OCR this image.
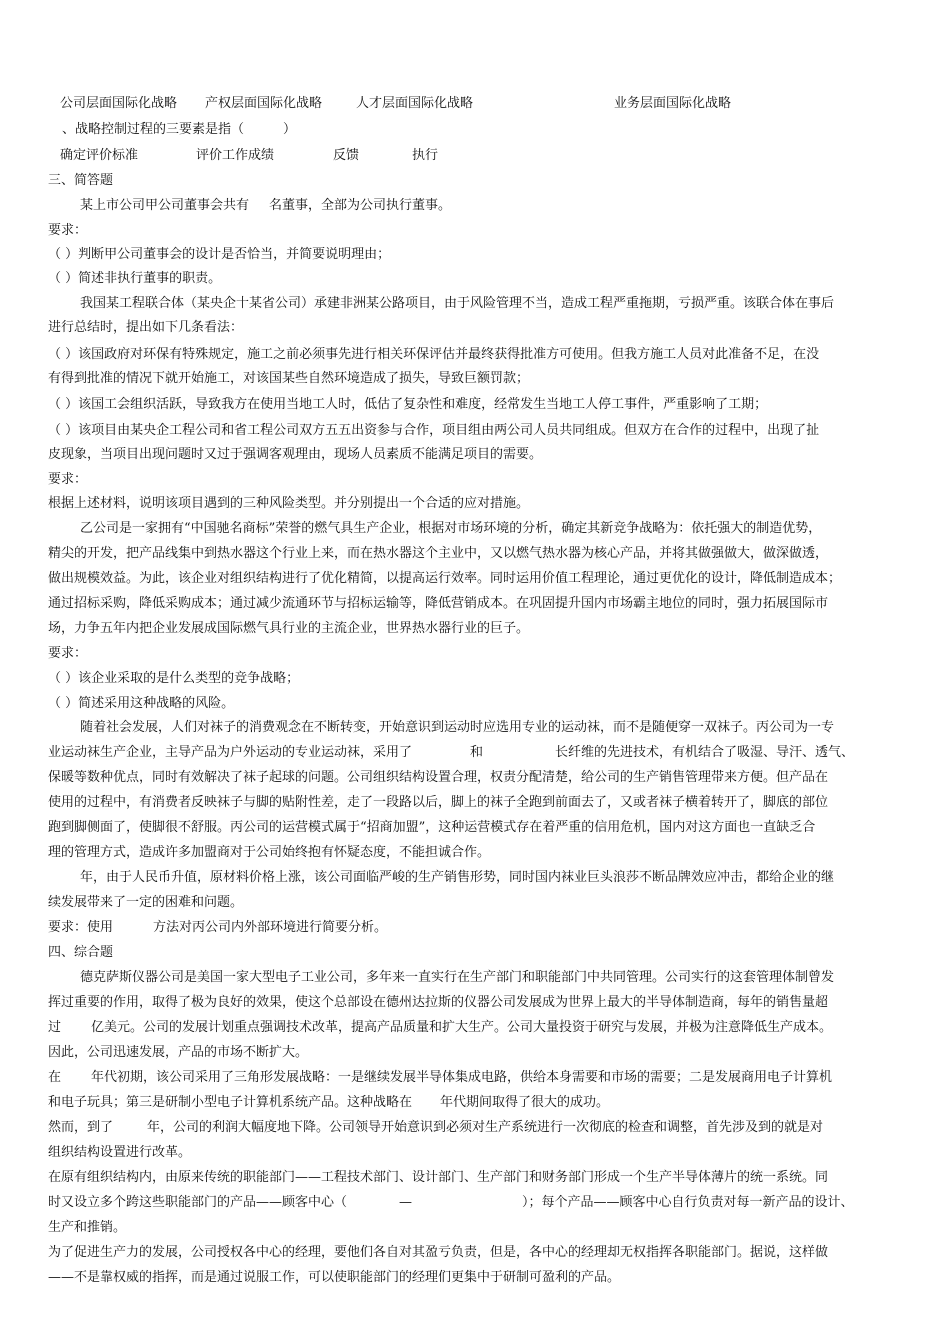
公司层面国际化战略 产权层面国际化战略	人才层面国际化战略	业务层面国际化战略
、战略控制过程的三要素是指（　　　）
确定评价标准	评价工作成绩	反馈	执行
三、简答题
某上市公司甲公司董事会共有 名董事，全部为公司执行董事。
要求：
（ ）判断甲公司董事会的设计是否恰当，并简要说明理由；
（ ）简述非执行董事的职责。
我国某工程联合体（某央企十某省公司）承建非洲某公路项目，由于风险管理不当，造成工程严重拖期，亏损严重。该联合体在事后
进行总结时，提出如下几条看法：
（ ）该国政府对环保有特殊规定，施工之前必须事先进行相关环保评估并最终获得批准方可使用。但我方施工人员对此准备不足，在没
有得到批准的情况下就开始施工，对该国某些自然环境造成了损失，导致巨额罚款；
（ ）该国工会组织活跃，导致我方在使用当地工人时，低估了复杂性和难度，经常发生当地工人停工事件，严重影响了工期；
（ ）该项目由某央企工程公司和省工程公司双方五五出资参与合作，项目组由两公司人员共同组成。但双方在合作的过程中，出现了扯
皮现象，当项目出现问题时又过于强调客观理由，现场人员素质不能满足项目的需要。
要求：
根据上述材料，说明该项目遇到的三种风险类型。并分别提出一个合适的应对措施。
乙公司是一家拥有“中国驰名商标”荣誉的燃气具生产企业，根据对市场环境的分析，确定其新竞争战略为：依托强大的制造优势，
精尖的开发，把产品线集中到热水器这个行业上来，而在热水器这个主业中，又以燃气热水器为核心产品，并将其做强做大，做深做透，
做出规模效益。为此，该企业对组织结构进行了优化精简，以提高运行效率。同时运用价值工程理论，通过更优化的设计，降低制造成本；
通过招标采购，降低采购成本；通过减少流通环节与招标运输等，降低营销成本。在巩固提升国内市场霸主地位的同时，强力拓展国际市
场，力争五年内把企业发展成国际燃气具行业的主流企业，世界热水器行业的巨子。
要求：
（ ）该企业采取的是什么类型的竞争战略；
（ ）简述采用这种战略的风险。
随着社会发展，人们对袜子的消费观念在不断转变，开始意识到运动时应选用专业的运动袜，而不是随便穿一双袜子。丙公司为一专
业运动袜生产企业，主导产品为户外运动的专业运动袜，采用了	和	长纤维的先进技术，有机结合了吸湿、导汗、透气、
保暖等数种优点，同时有效解决了袜子起球的问题。公司组织结构设置合理，权责分配清楚，给公司的生产销售管理带来方便。但产品在
使用的过程中，有消费者反映袜子与脚的贴附性差，走了一段路以后，脚上的袜子全跑到前面去了，又或者袜子横着转开了，脚底的部位
跑到脚侧面了，使脚很不舒服。丙公司的运营模式属于“招商加盟”，这种运营模式存在着严重的信用危机，国内对这方面也一直缺乏合
理的管理方式，造成许多加盟商对于公司始终抱有怀疑态度，不能担诚合作。
年，由于人民币升值，原材料价格上涨，该公司面临严峻的生产销售形势，同时国内袜业巨头浪莎不断品牌效应冲击，都给企业的继
续发展带来了一定的困难和问题。
要求：使用	方法对丙公司内外部环境进行简要分析。
四、综合题
德克萨斯仪器公司是美国一家大型电子工业公司，多年来一直实行在生产部门和职能部门中共同管理。公司实行的这套管理体制曾发
挥过重要的作用，取得了极为良好的效果，使这个总部设在德州达拉斯的仪器公司发展成为世界上最大的半导体制造商，每年的销售量超
过 亿美元。公司的发展计划重点强调技术改革，提高产品质量和扩大生产。公司大量投资于研究与发展，并极为注意降低生产成本。
因此，公司迅速发展，产品的市场不断扩大。
在 年代初期，该公司采用了三角形发展战略：一是继续发展半导体集成电路，供给本身需要和市场的需要；二是发展商用电子计算机
和电子玩具；第三是研制小型电子计算机系统产品。这种战略在 年代期间取得了很大的成功。
然而，到了	年，公司的利润大幅度地下降。公司领导开始意识到必须对生产系统进行一次彻底的检查和调整，首先涉及到的就是对
组织结构设置进行改革。
在原有组织结构内，由原来传统的职能部门——工程技术部门、设计部门、生产部门和财务部门形成一个生产半导体薄片的统一系统。同
时又设立多个跨这些职能部门的产品——顾客中心（	—	）；每个产品——顾客中心自行负责对每一新产品的设计、
生产和推销。
为了促进生产力的发展，公司授权各中心的经理，要他们各自对其盈亏负责，但是，各中心的经理却无权指挥各职能部门。据说，这样做
——不是靠权威的指挥，而是通过说服工作，可以使职能部门的经理们更集中于研制可盈利的产品。
